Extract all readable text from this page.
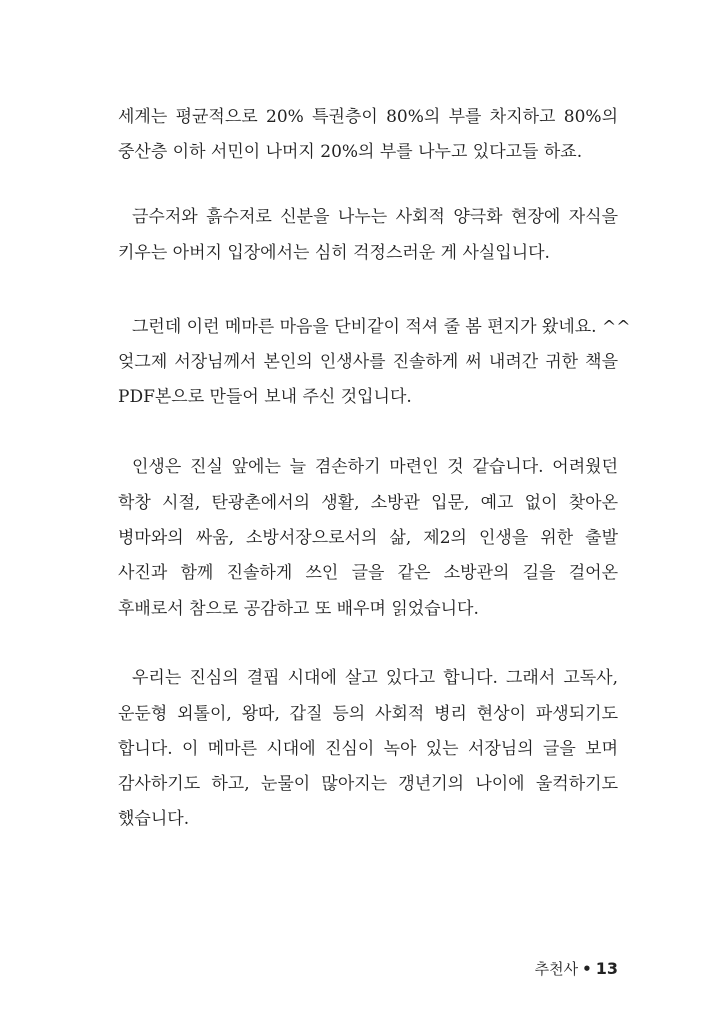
세계는 평균적으로 20% 특권층이 80%의 부를 차지하고 80%의
중산층 이하 서민이 나머지 20%의 부를 나누고 있다고들 하죠.
금수저와 흙수저로 신분을 나누는 사회적 양극화 현장에 자식을
키우는 아버지 입장에서는 심히 걱정스러운 게 사실입니다.
그런데 이런 메마른 마음을 단비같이 적셔 줄 봄 편지가 왔네요. ^^
엊그제 서장님께서 본인의 인생사를 진솔하게 써 내려간 귀한 책을
PDF본으로 만들어 보내 주신 것입니다.
인생은 진실 앞에는 늘 겸손하기 마련인 것 같습니다. 어려웠던
학창 시절, 탄광촌에서의 생활, 소방관 입문, 예고 없이 찾아온
병마와의 싸움, 소방서장으로서의 삶, 제2의 인생을 위한 출발
사진과 함께 진솔하게 쓰인 글을 같은 소방관의 길을 걸어온
후배로서 참으로 공감하고 또 배우며 읽었습니다.
우리는 진심의 결핍 시대에 살고 있다고 합니다. 그래서 고독사,
운둔형 외톨이, 왕따, 갑질 등의 사회적 병리 현상이 파생되기도
합니다. 이 메마른 시대에 진심이 녹아 있는 서장님의 글을 보며
감사하기도 하고, 눈물이 많아지는 갱년기의 나이에 울컥하기도
했습니다.
추천사 • 13
